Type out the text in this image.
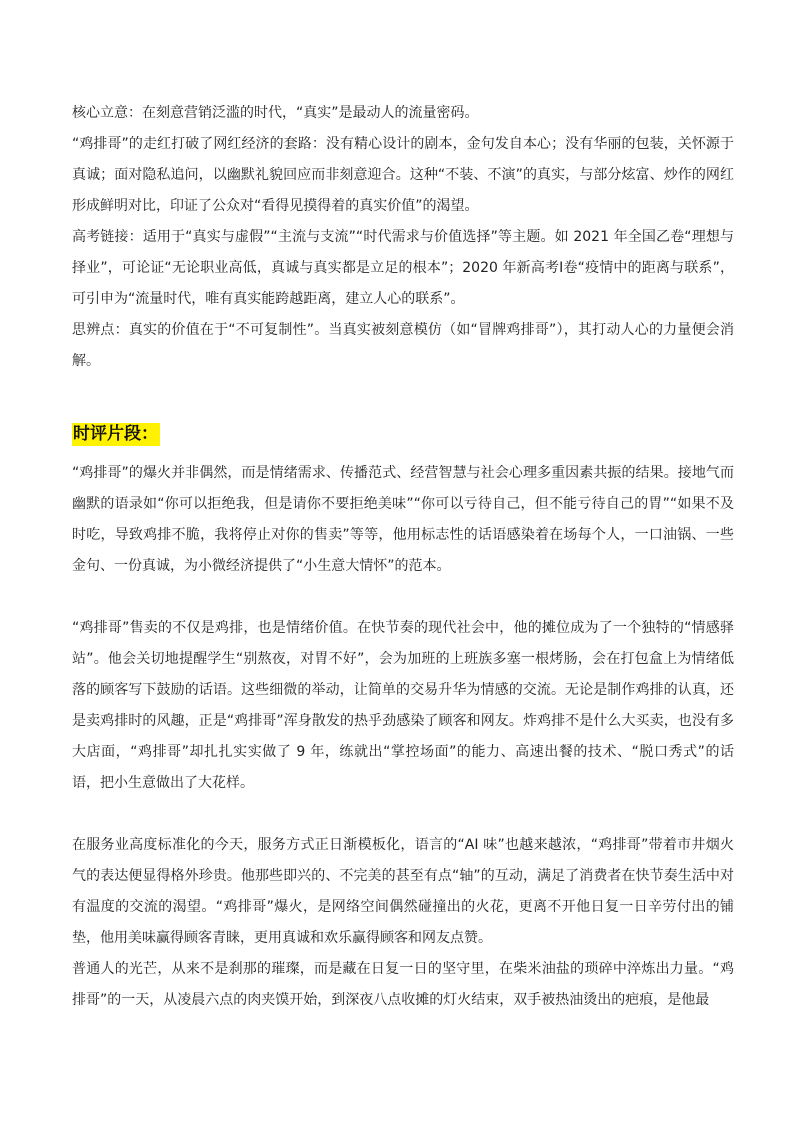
核心立意：在刻意营销泛滥的时代，“真实”是最动人的流量密码。

“鸡排哥”的走红打破了网红经济的套路：没有精心设计的剧本，金句发自本心；没有华丽的包装，关怀源于真诚；面对隐私追问，以幽默礼貌回应而非刻意迎合。这种“不装、不演”的真实，与部分炫富、炒作的网红形成鲜明对比，印证了公众对“看得见摸得着的真实价值”的渴望。

高考链接：适用于“真实与虚假”“主流与支流”“时代需求与价值选择”等主题。如 2021 年全国乙卷“理想与择业”，可论证“无论职业高低，真诚与真实都是立足的根本”；2020 年新高考Ⅰ卷“疫情中的距离与联系”，可引申为“流量时代，唯有真实能跨越距离，建立人心的联系”。

思辨点：真实的价值在于“不可复制性”。当真实被刻意模仿（如“冒牌鸡排哥”），其打动人心的力量便会消解。

时评片段：

“鸡排哥”的爆火并非偶然，而是情绪需求、传播范式、经营智慧与社会心理多重因素共振的结果。接地气而幽默的语录如“你可以拒绝我，但是请你不要拒绝美味”“你可以亏待自己，但不能亏待自己的胃”“如果不及时吃，导致鸡排不脆，我将停止对你的售卖”等等，他用标志性的话语感染着在场每个人，一口油锅、一些金句、一份真诚，为小微经济提供了“小生意大情怀”的范本。

“鸡排哥”售卖的不仅是鸡排，也是情绪价值。在快节奏的现代社会中，他的摊位成为了一个独特的“情感驿站”。他会关切地提醒学生“别熬夜，对胃不好”，会为加班的上班族多塞一根烤肠，会在打包盒上为情绪低落的顾客写下鼓励的话语。这些细微的举动，让简单的交易升华为情感的交流。无论是制作鸡排的认真，还是卖鸡排时的风趣，正是“鸡排哥”浑身散发的热乎劲感染了顾客和网友。炸鸡排不是什么大买卖，也没有多大店面，“鸡排哥”却扎扎实实做了 9 年，练就出“掌控场面”的能力、高速出餐的技术、“脱口秀式”的话语，把小生意做出了大花样。

在服务业高度标准化的今天，服务方式正日渐模板化，语言的“AI 味”也越来越浓，“鸡排哥”带着市井烟火气的表达便显得格外珍贵。他那些即兴的、不完美的甚至有点“轴”的互动，满足了消费者在快节奏生活中对有温度的交流的渴望。“鸡排哥”爆火，是网络空间偶然碰撞出的火花，更离不开他日复一日辛劳付出的铺垫，他用美味赢得顾客青睐，更用真诚和欢乐赢得顾客和网友点赞。

普通人的光芒，从来不是刹那的璀璨，而是藏在日复一日的坚守里，在柴米油盐的琐碎中淬炼出力量。“鸡排哥”的一天，从凌晨六点的肉夹馍开始，到深夜八点收摊的灯火结束，双手被热油烫出的疤痕，是他最
